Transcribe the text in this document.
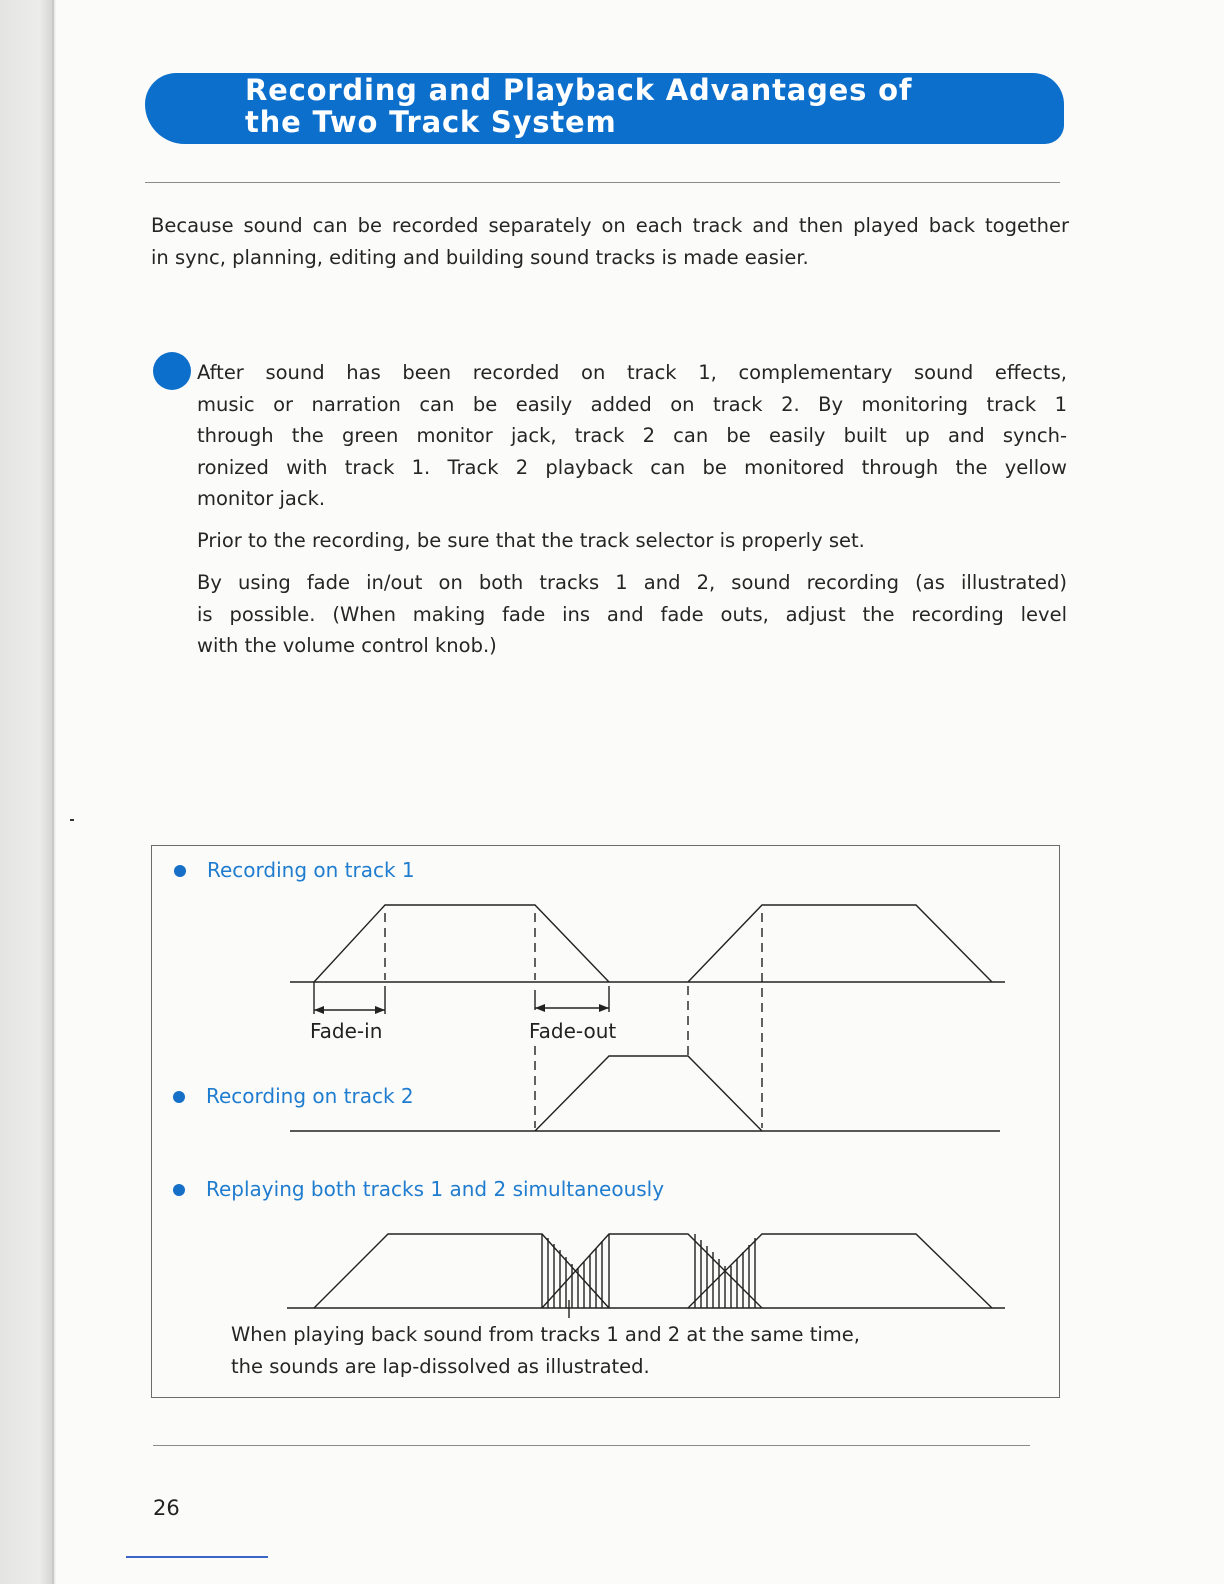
Recording and Playback Advantages of
the Two Track System

Because sound can be recorded separately on each track and then played back together
in sync, planning, editing and building sound tracks is made easier.

After sound has been recorded on track 1, complementary sound effects,
music or narration can be easily added on track 2. By monitoring track 1
through the green monitor jack, track 2 can be easily built up and synch-
ronized with track 1. Track 2 playback can be monitored through the yellow
monitor jack.

Prior to the recording, be sure that the track selector is properly set.

By using fade in/out on both tracks 1 and 2, sound recording (as illustrated)
is possible. (When making fade ins and fade outs, adjust the recording level
with the volume control knob.)

Recording on track 1

Fade-in	Fade-out

Recording on track 2

Replaying both tracks 1 and 2 simultaneously

When playing back sound from tracks 1 and 2 at the same time,
the sounds are lap-dissolved as illustrated.

26
